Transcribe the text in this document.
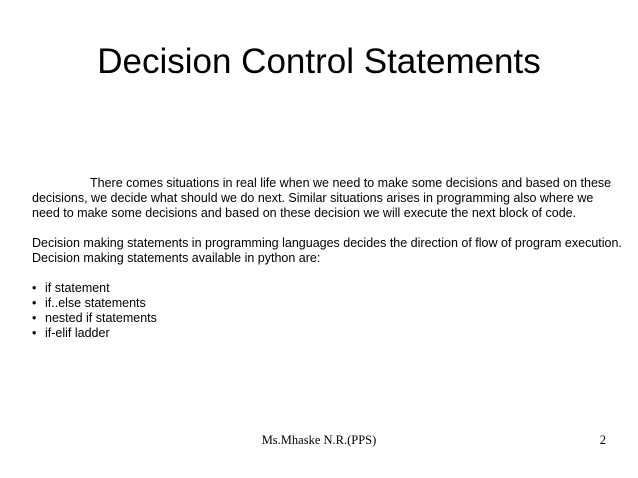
Decision Control Statements

There comes situations in real life when we need to make some decisions and based on these decisions, we decide what should we do next. Similar situations arises in programming also where we need to make some decisions and based on these decision we will execute the next block of code.

Decision making statements in programming languages decides the direction of flow of program execution.

Decision making statements available in python are:

• if statement
• if..else statements
• nested if statements
• if-elif ladder
Ms.Mhaske N.R.(PPS)	2
